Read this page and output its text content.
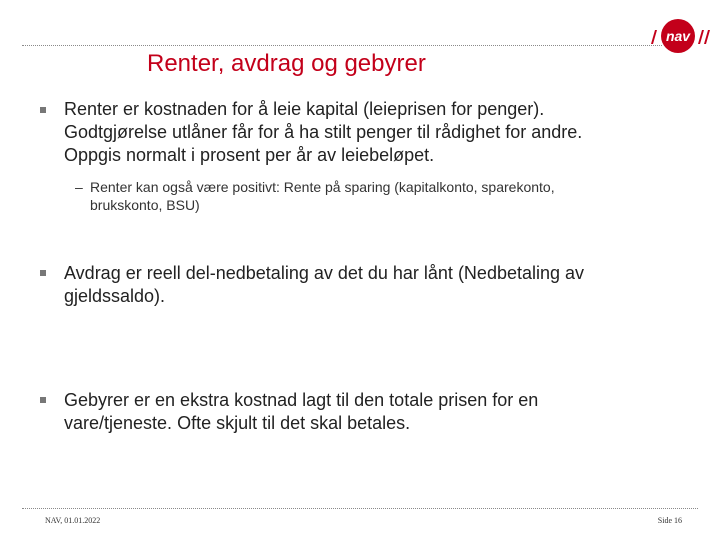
nav
Renter, avdrag og gebyrer
Renter er kostnaden for å leie kapital (leieprisen for penger).
Godtgjørelse utlåner får for å ha stilt penger til rådighet for andre.
Oppgis normalt i prosent per år av leiebeløpet.
– Renter kan også være positivt: Rente på sparing (kapitalkonto, sparekonto,
brukskonto, BSU)
Avdrag er reell del-nedbetaling av det du har lånt (Nedbetaling av
gjeldssaldo).
Gebyrer er en ekstra kostnad lagt til den totale prisen for en
vare/tjeneste. Ofte skjult til det skal betales.
NAV, 01.01.2022	Side 16
